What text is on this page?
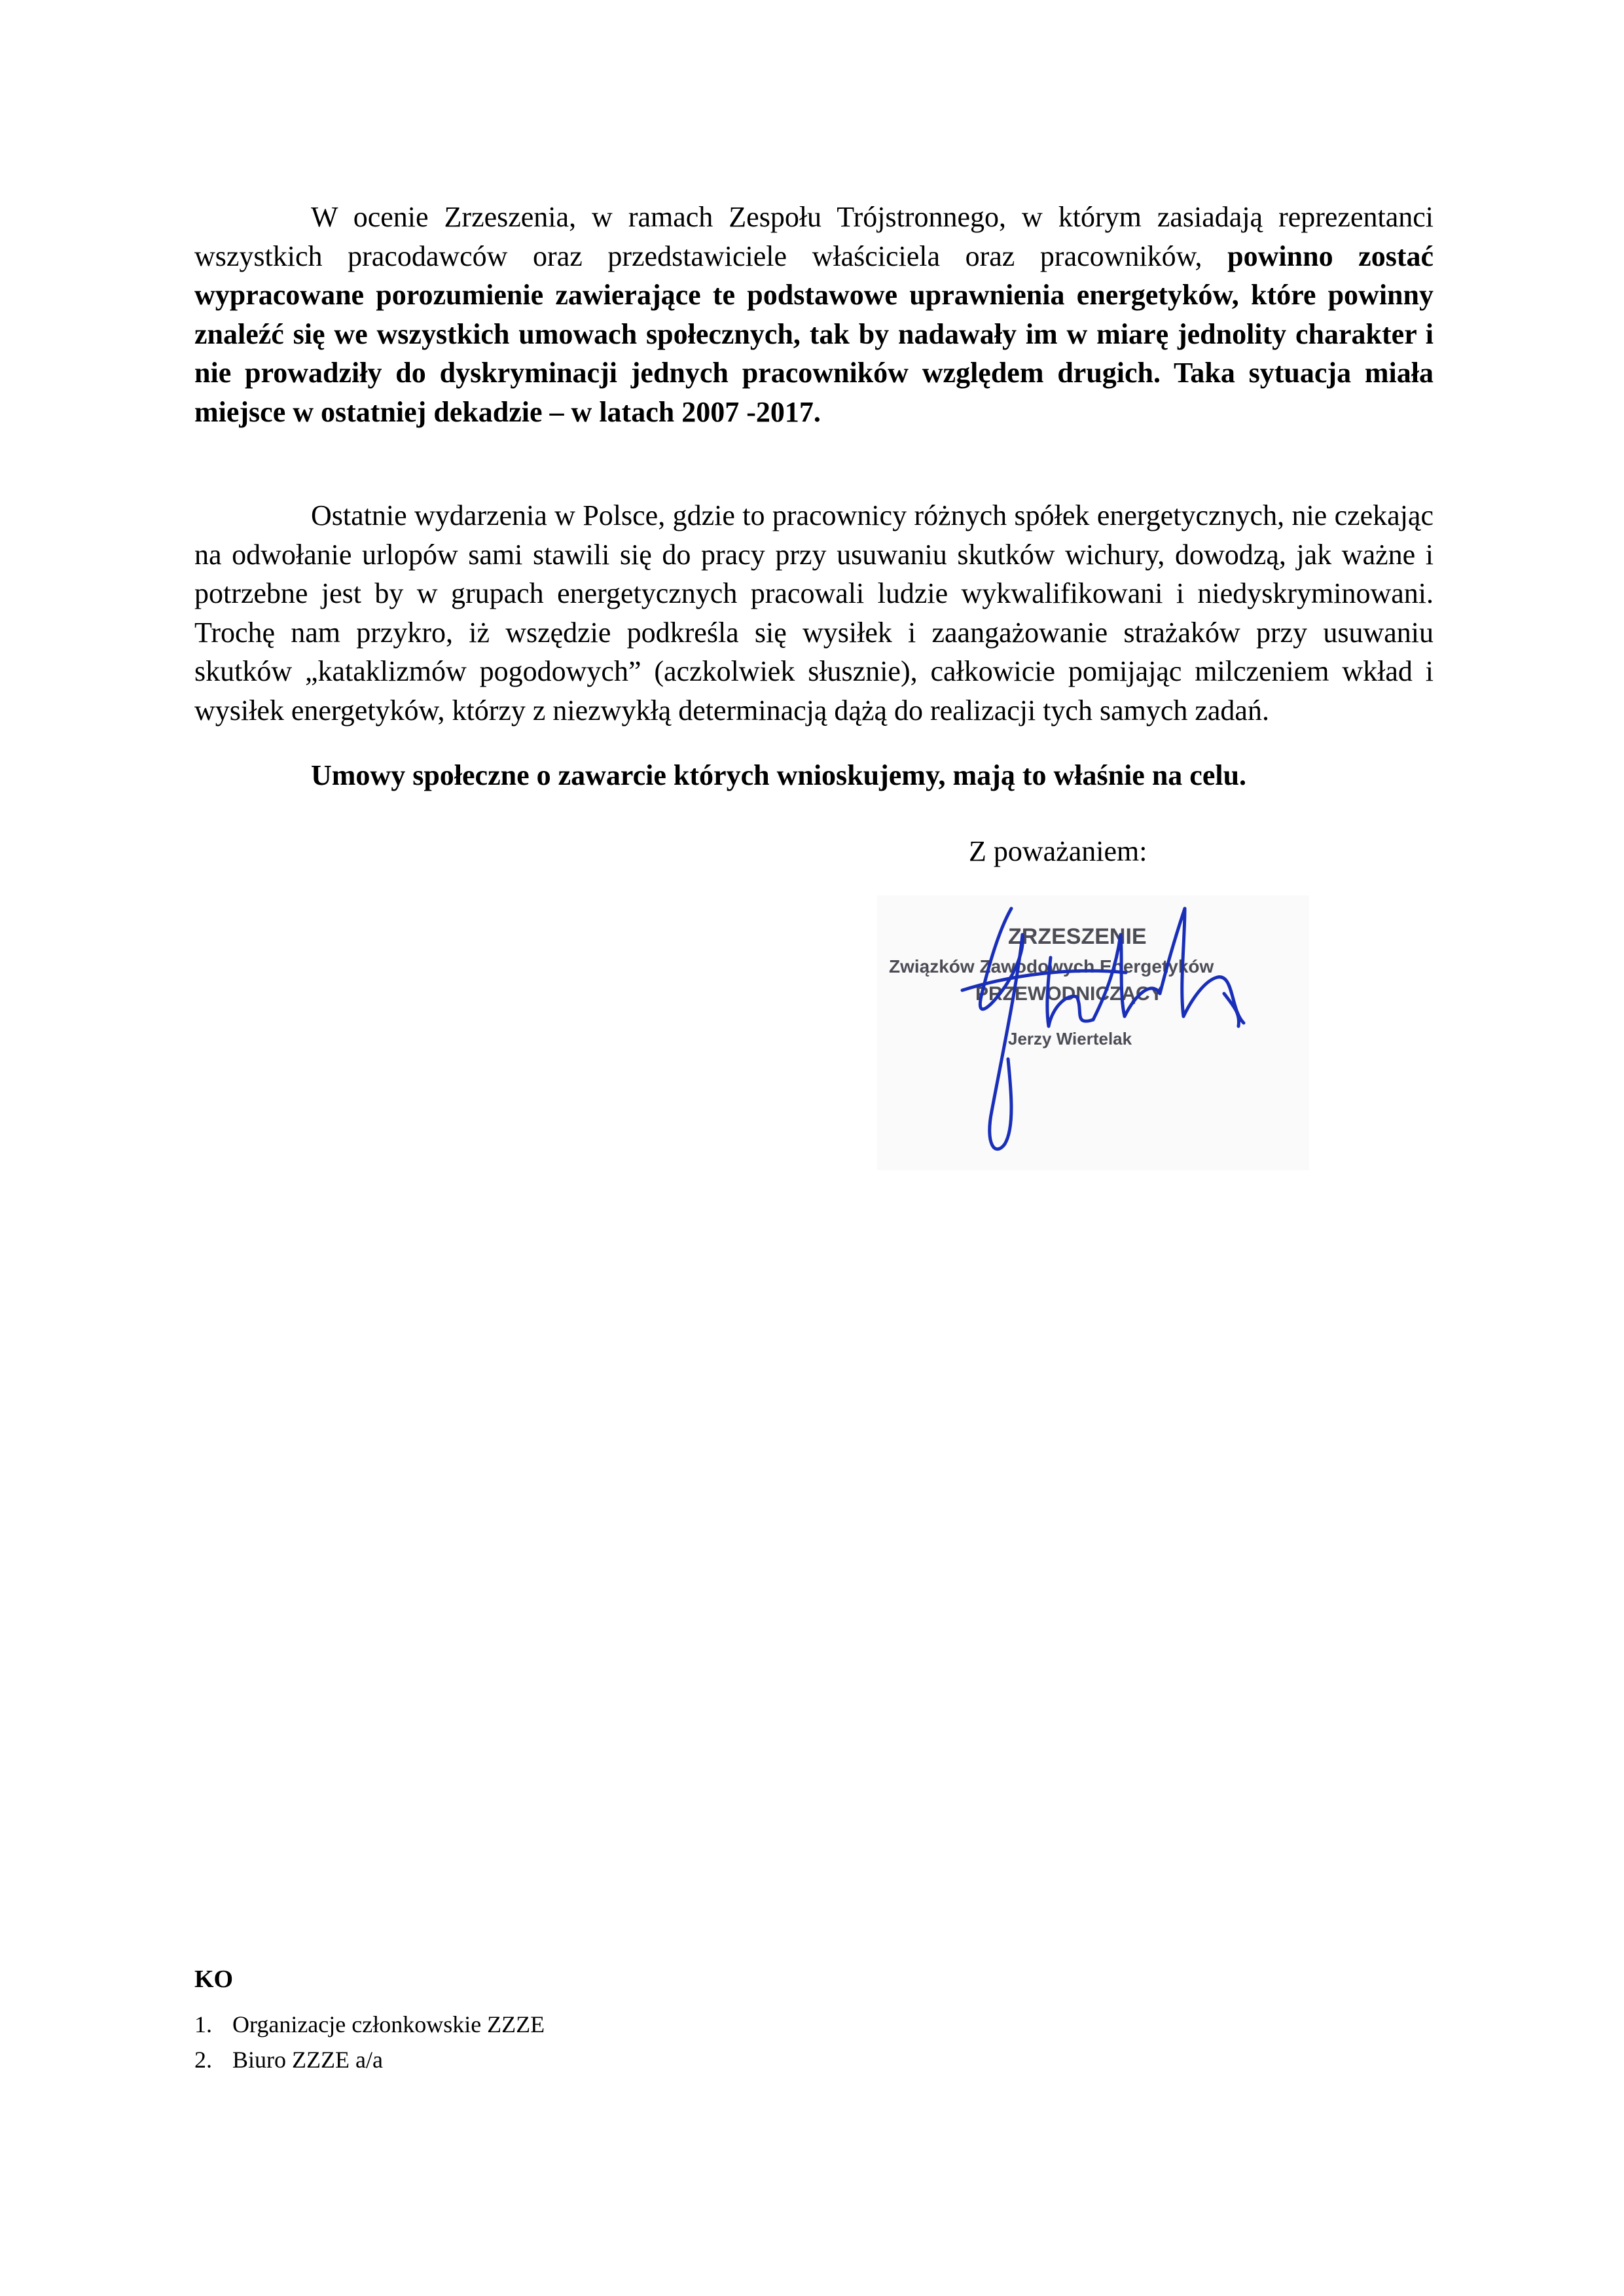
W ocenie Zrzeszenia, w ramach Zespołu Trójstronnego, w którym zasiadają reprezentanci wszystkich pracodawców oraz przedstawiciele właściciela oraz pracowników, powinno zostać wypracowane porozumienie zawierające te podstawowe uprawnienia energetyków, które powinny znaleźć się we wszystkich umowach społecznych, tak by nadawały im w miarę jednolity charakter i nie prowadziły do dyskryminacji jednych pracowników względem drugich. Taka sytuacja miała miejsce w ostatniej dekadzie – w latach 2007 -2017.
Ostatnie wydarzenia w Polsce, gdzie to pracownicy różnych spółek energetycznych, nie czekając na odwołanie urlopów sami stawili się do pracy przy usuwaniu skutków wichury, dowodzą, jak ważne i potrzebne jest by w grupach energetycznych pracowali ludzie wykwalifikowani i niedyskryminowani. Trochę nam przykro, iż wszędzie podkreśla się wysiłek i zaangażowanie strażaków przy usuwaniu skutków „kataklizmów pogodowych” (aczkolwiek słusznie), całkowicie pomijając milczeniem wkład i wysiłek energetyków, którzy z niezwykłą determinacją dążą do realizacji tych samych zadań.

Umowy społeczne o zawarcie których wnioskujemy, mają to właśnie na celu.

Z poważaniem:

ZRZESZENIE
Związków Zawodowych Energetyków
PRZEWODNICZĄCY
Jerzy Wiertelak

KO

1. Organizacje członkowskie ZZZE
2. Biuro ZZZE a/a
